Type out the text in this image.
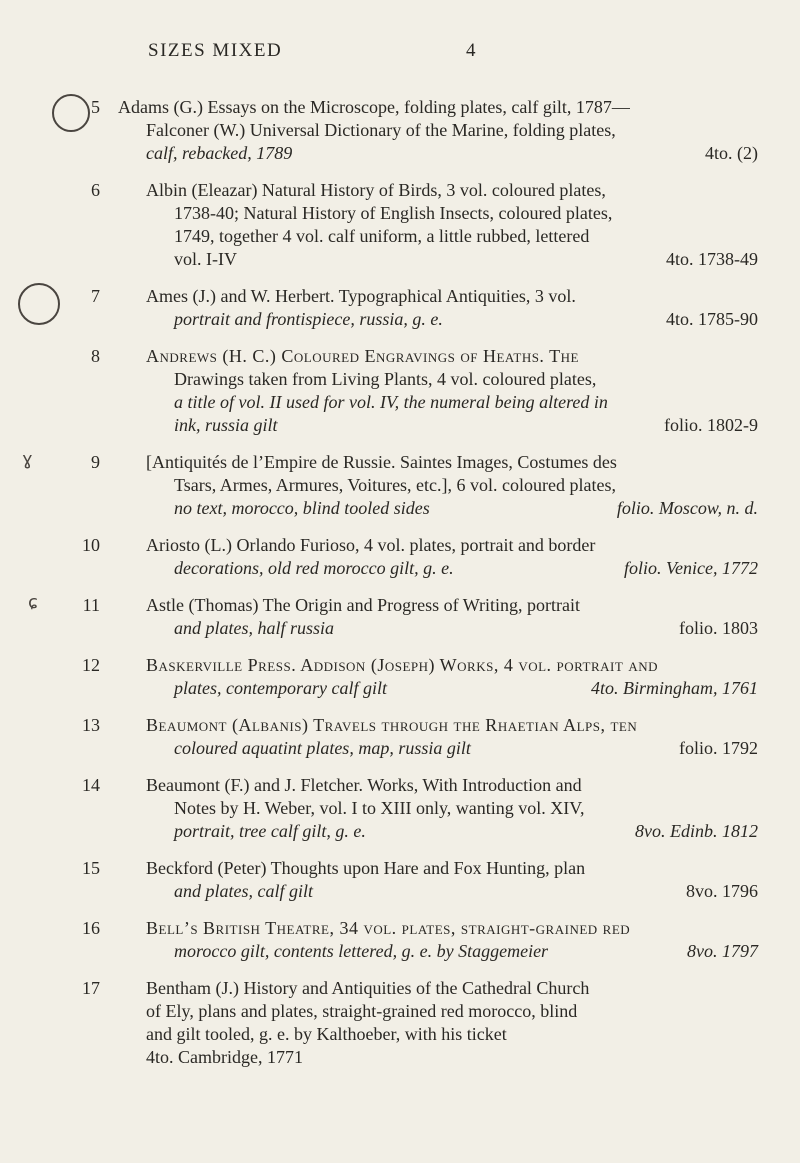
SIZES MIXED	4
5 Adams (G.) Essays on the Microscope, folding plates, calf gilt, 1787—

Falconer (W.) Universal Dictionary of the Marine, folding plates,

calf, rebacked, 1789	4to. (2)

6	Albin (Eleazar) Natural History of Birds, 3 vol. coloured plates,

1738-40; Natural History of English Insects, coloured plates,

1749, together 4 vol. calf uniform, a little rubbed, lettered

vol. I-IV	4to. 1738-49

7	Ames (J.) and W. Herbert. Typographical Antiquities, 3 vol.

portrait and frontispiece, russia, g. e.	4to. 1785-90

8	Andrews (H. C.) Coloured Engravings of Heaths. The

Drawings taken from Living Plants, 4 vol. coloured plates,

a title of vol. II used for vol. IV, the numeral being altered in

ink, russia gilt	folio. 1802-9

9	[Antiquités de l’Empire de Russie. Saintes Images, Costumes des

Tsars, Armes, Armures, Voitures, etc.], 6 vol. coloured plates,

no text, morocco, blind tooled sides	folio. Moscow, n. d.

ɣ
10	Ariosto (L.) Orlando Furioso, 4 vol. plates, portrait and border

decorations, old red morocco gilt, g. e.	folio. Venice, 1772

11	Astle (Thomas) The Origin and Progress of Writing, portrait

and plates, half russia	folio. 1803

ɕ
12	Baskerville Press. Addison (Joseph) Works, 4 vol. portrait and

plates, contemporary calf gilt	4to. Birmingham, 1761

13	Beaumont (Albanis) Travels through the Rhaetian Alps, ten

coloured aquatint plates, map, russia gilt	folio. 1792

14	Beaumont (F.) and J. Fletcher. Works, With Introduction and

Notes by H. Weber, vol. I to XIII only, wanting vol. XIV,

portrait, tree calf gilt, g. e.	8vo. Edinb. 1812

15	Beckford (Peter) Thoughts upon Hare and Fox Hunting, plan

and plates, calf gilt	8vo. 1796

16	Bell’s British Theatre, 34 vol. plates, straight-grained red

morocco gilt, contents lettered, g. e. by Staggemeier	8vo. 1797

17	Bentham (J.) History and Antiquities of the Cathedral Church

of Ely, plans and plates, straight-grained red morocco, blind

and gilt tooled, g. e. by Kalthoeber, with his ticket

4to. Cambridge, 1771
